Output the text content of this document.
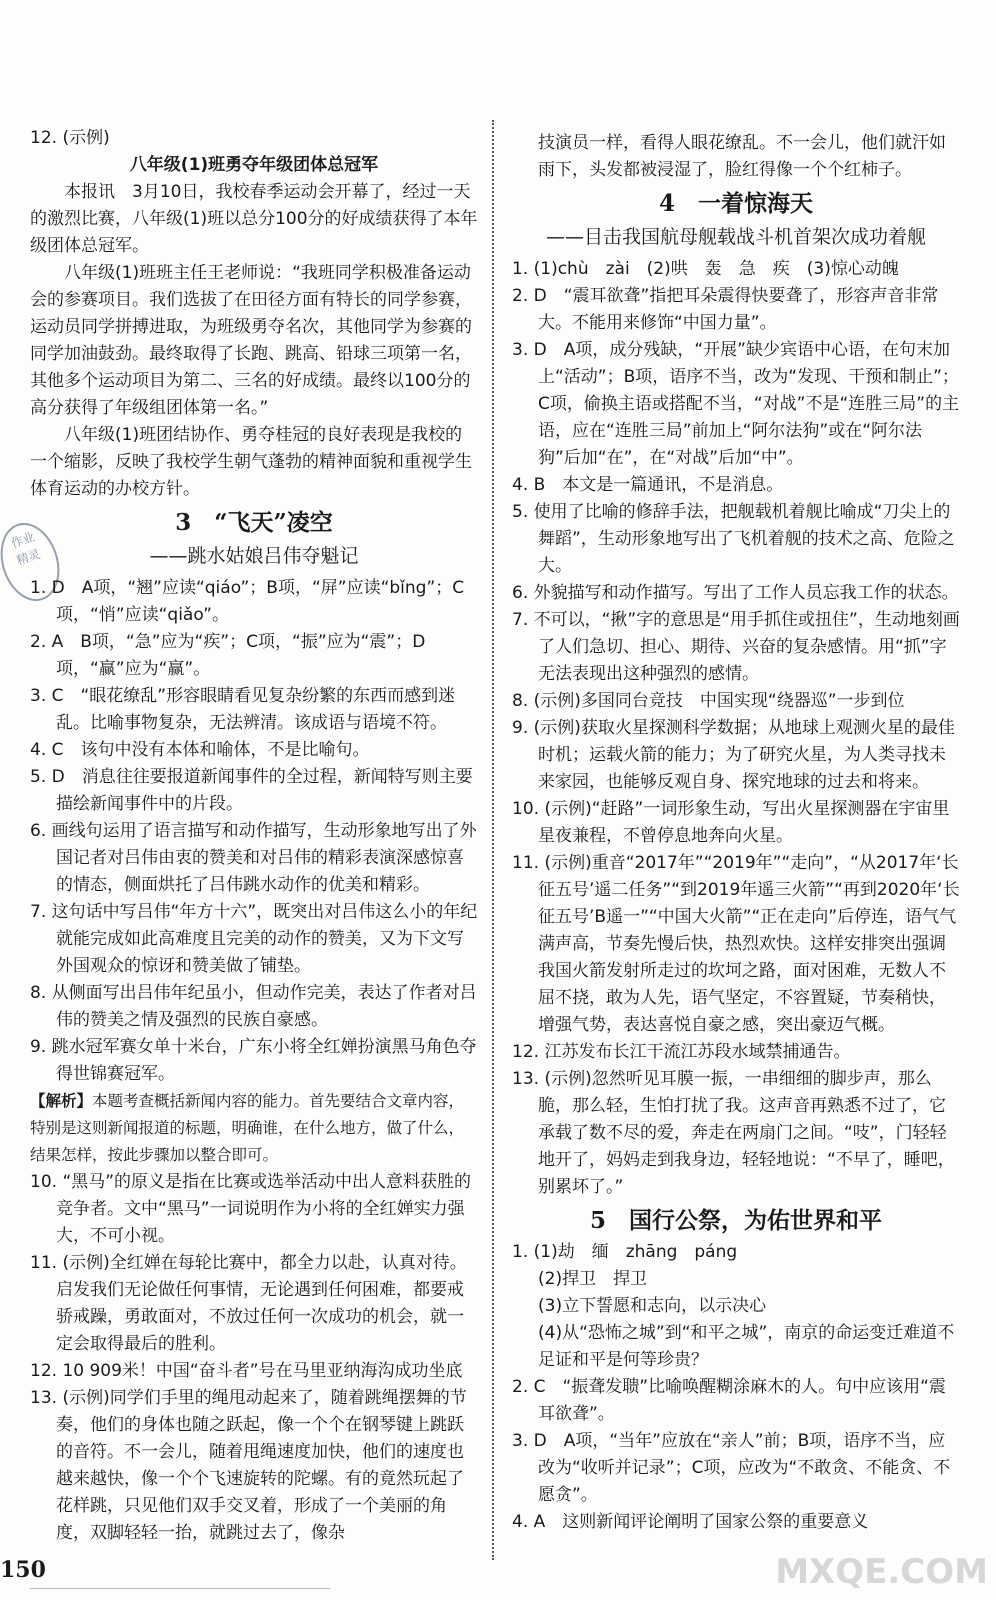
作业
精灵

12. (示例)

八年级(1)班勇夺年级团体总冠军

本报讯　3月10日，我校春季运动会开幕了，经过一天的激烈比赛，八年级(1)班以总分100分的好成绩获得了本年级团体总冠军。

八年级(1)班班主任王老师说：“我班同学积极准备运动会的参赛项目。我们选拔了在田径方面有特长的同学参赛，运动员同学拼搏进取，为班级勇夺名次，其他同学为参赛的同学加油鼓劲。最终取得了长跑、跳高、铅球三项第一名，其他多个运动项目为第二、三名的好成绩。最终以100分的高分获得了年级组团体第一名。”

八年级(1)班团结协作、勇夺桂冠的良好表现是我校的一个缩影，反映了我校学生朝气蓬勃的精神面貌和重视学生体育运动的办校方针。

3　“飞天”凌空

——跳水姑娘吕伟夺魁记

1. D　A项，“翘”应读“qiáo”；B项，“屏”应读“bǐng”；C项，“悄”应读“qiǎo”。

2. A　B项，“急”应为“疾”；C项，“振”应为“震”；D项，“赢”应为“赢”。

3. C　“眼花缭乱”形容眼睛看见复杂纷繁的东西而感到迷乱。比喻事物复杂，无法辨清。该成语与语境不符。

4. C　该句中没有本体和喻体，不是比喻句。

5. D　消息往往要报道新闻事件的全过程，新闻特写则主要描绘新闻事件中的片段。

6. 画线句运用了语言描写和动作描写，生动形象地写出了外国记者对吕伟由衷的赞美和对吕伟的精彩表演深感惊喜的情态，侧面烘托了吕伟跳水动作的优美和精彩。

7. 这句话中写吕伟“年方十六”，既突出对吕伟这么小的年纪就能完成如此高难度且完美的动作的赞美，又为下文写外国观众的惊讶和赞美做了铺垫。

8. 从侧面写出吕伟年纪虽小，但动作完美，表达了作者对吕伟的赞美之情及强烈的民族自豪感。

9. 跳水冠军赛女单十米台，广东小将全红婵扮演黑马角色夺得世锦赛冠军。

【解析】本题考查概括新闻内容的能力。首先要结合文章内容，特别是这则新闻报道的标题，明确谁，在什么地方，做了什么，结果怎样，按此步骤加以整合即可。

10. “黑马”的原义是指在比赛或选举活动中出人意料获胜的竞争者。文中“黑马”一词说明作为小将的全红婵实力强大，不可小视。

11. (示例)全红婵在每轮比赛中，都全力以赴，认真对待。启发我们无论做任何事情，无论遇到任何困难，都要戒骄戒躁，勇敢面对，不放过任何一次成功的机会，就一定会取得最后的胜利。

12. 10 909米！中国“奋斗者”号在马里亚纳海沟成功坐底

13. (示例)同学们手里的绳甩动起来了，随着跳绳摆舞的节奏，他们的身体也随之跃起，像一个个在钢琴键上跳跃的音符。不一会儿，随着甩绳速度加快，他们的速度也越来越快，像一个个飞速旋转的陀螺。有的竟然玩起了花样跳，只见他们双手交叉着，形成了一个美丽的角度，双脚轻轻一抬，就跳过去了，像杂

技演员一样，看得人眼花缭乱。不一会儿，他们就汗如雨下，头发都被浸湿了，脸红得像一个个红柿子。

4　一着惊海天

——目击我国航母舰载战斗机首架次成功着舰

1. (1)chù　zài　(2)哄　轰　急　疾　(3)惊心动魄

2. D　“震耳欲聋”指把耳朵震得快要聋了，形容声音非常大。不能用来修饰“中国力量”。

3. D　A项，成分残缺，“开展”缺少宾语中心语，在句末加上“活动”；B项，语序不当，改为“发现、干预和制止”；C项，偷换主语或搭配不当，“对战”不是“连胜三局”的主语，应在“连胜三局”前加上“阿尔法狗”或在“阿尔法狗”后加“在”，在“对战”后加“中”。

4. B　本文是一篇通讯，不是消息。

5. 使用了比喻的修辞手法，把舰载机着舰比喻成“刀尖上的舞蹈”，生动形象地写出了飞机着舰的技术之高、危险之大。

6. 外貌描写和动作描写。写出了工作人员忘我工作的状态。

7. 不可以，“揪”字的意思是“用手抓住或扭住”，生动地刻画了人们急切、担心、期待、兴奋的复杂感情。用“抓”字无法表现出这种强烈的感情。

8. (示例)多国同台竞技　中国实现“绕器巡”一步到位

9. (示例)获取火星探测科学数据；从地球上观测火星的最佳时机；运载火箭的能力；为了研究火星，为人类寻找未来家园，也能够反观自身、探究地球的过去和将来。

10. (示例)“赶路”一词形象生动，写出火星探测器在宇宙里星夜兼程，不曾停息地奔向火星。

11. (示例)重音“2017年”“2019年”“走向”，“从2017年‘长征五号’遥二任务”“到2019年遥三火箭”“再到2020年‘长征五号’B遥一”“中国大火箭”“正在走向”后停连，语气气满声高，节奏先慢后快，热烈欢快。这样安排突出强调我国火箭发射所走过的坎坷之路，面对困难，无数人不屈不挠，敢为人先，语气坚定，不容置疑，节奏稍快，增强气势，表达喜悦自豪之感，突出豪迈气概。

12. 江苏发布长江干流江苏段水域禁捕通告。

13. (示例)忽然听见耳膜一振，一串细细的脚步声，那么脆，那么轻，生怕打扰了我。这声音再熟悉不过了，它承载了数不尽的爱，奔走在两扇门之间。“吱”，门轻轻地开了，妈妈走到我身边，轻轻地说：“不早了，睡吧，别累坏了。”

5　国行公祭，为佑世界和平

1. (1)劫　缅　zhāng　páng

(2)捍卫　捍卫

(3)立下誓愿和志向，以示决心

(4)从“恐怖之城”到“和平之城”，南京的命运变迁难道不足证和平是何等珍贵？

2. C　“振聋发聩”比喻唤醒糊涂麻木的人。句中应该用“震耳欲聋”。

3. D　A项，“当年”应放在“亲人”前；B项，语序不当，应改为“收听并记录”；C项，应改为“不敢贪、不能贪、不愿贪”。

4. A　这则新闻评论阐明了国家公祭的重要意义

150	MXQE.COM
